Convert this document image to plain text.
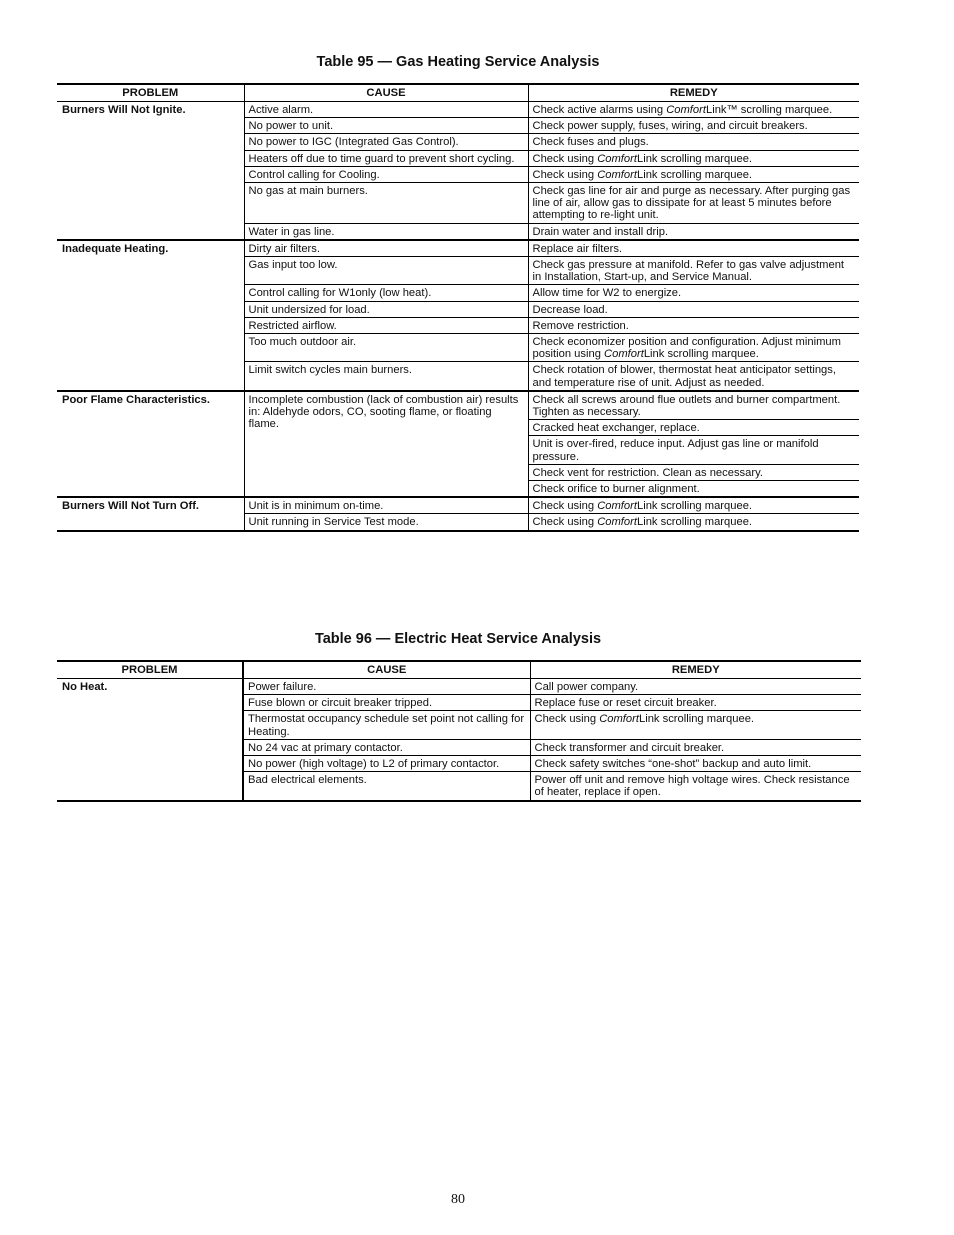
Table 95 — Gas Heating Service Analysis
PROBLEM	CAUSE	REMEDY
Burners Will Not Ignite.	Active alarm.	Check active alarms using ComfortLink™ scrolling marquee.
	No power to unit.	Check power supply, fuses, wiring, and circuit breakers.
	No power to IGC (Integrated Gas Control).	Check fuses and plugs.
	Heaters off due to time guard to prevent short cycling.	Check using ComfortLink scrolling marquee.
	Control calling for Cooling.	Check using ComfortLink scrolling marquee.
	No gas at main burners.	Check gas line for air and purge as necessary. After purging gas line of air, allow gas to dissipate for at least 5 minutes before attempting to re-light unit.
	Water in gas line.	Drain water and install drip.
Inadequate Heating.	Dirty air filters.	Replace air filters.
	Gas input too low.	Check gas pressure at manifold. Refer to gas valve adjustment in Installation, Start-up, and Service Manual.
	Control calling for W1only (low heat).	Allow time for W2 to energize.
	Unit undersized for load.	Decrease load.
	Restricted airflow.	Remove restriction.
	Too much outdoor air.	Check economizer position and configuration. Adjust minimum position using ComfortLink scrolling marquee.
	Limit switch cycles main burners.	Check rotation of blower, thermostat heat anticipator settings, and temperature rise of unit. Adjust as needed.
Poor Flame Characteristics.	Incomplete combustion (lack of combustion air) results in: Aldehyde odors, CO, sooting flame, or floating flame.	Check all screws around flue outlets and burner compartment. Tighten as necessary.
		Cracked heat exchanger, replace.
		Unit is over-fired, reduce input. Adjust gas line or manifold pressure.
		Check vent for restriction. Clean as necessary.
		Check orifice to burner alignment.
Burners Will Not Turn Off.	Unit is in minimum on-time.	Check using ComfortLink scrolling marquee.
	Unit running in Service Test mode.	Check using ComfortLink scrolling marquee.
Table 96 — Electric Heat Service Analysis
PROBLEM	CAUSE	REMEDY
No Heat.	Power failure.	Call power company.
	Fuse blown or circuit breaker tripped.	Replace fuse or reset circuit breaker.
	Thermostat occupancy schedule set point not calling for Heating.	Check using ComfortLink scrolling marquee.
	No 24 vac at primary contactor.	Check transformer and circuit breaker.
	No power (high voltage) to L2 of primary contactor.	Check safety switches “one-shot” backup and auto limit.
	Bad electrical elements.	Power off unit and remove high voltage wires. Check resistance of heater, replace if open.
80
